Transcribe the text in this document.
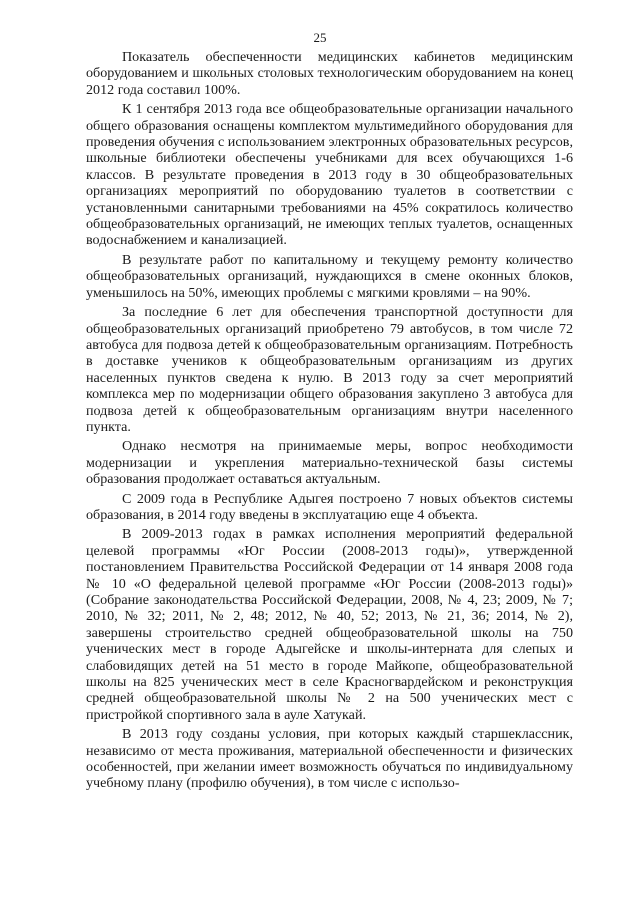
25

Показатель обеспеченности медицинских кабинетов медицинским оборудованием и школьных столовых технологическим оборудованием на конец 2012 года составил 100%.

К 1 сентября 2013 года все общеобразовательные организации начального общего образования оснащены комплектом мультимедийного оборудования для проведения обучения с использованием электронных образовательных ресурсов, школьные библиотеки обеспечены учебниками для всех обучающихся 1-6 классов. В результате проведения в 2013 году в 30 общеобразовательных организациях мероприятий по оборудованию туалетов в соответствии с установленными санитарными требованиями на 45% сократилось количество общеобразовательных организаций, не имеющих теплых туалетов, оснащенных водоснабжением и канализацией.

В результате работ по капитальному и текущему ремонту количество общеобразовательных организаций, нуждающихся в смене оконных блоков, уменьшилось на 50%, имеющих проблемы с мягкими кровлями – на 90%.

За последние 6 лет для обеспечения транспортной доступности для общеобразовательных организаций приобретено 79 автобусов, в том числе 72 автобуса для подвоза детей к общеобразовательным организациям. Потребность в доставке учеников к общеобразовательным организациям из других населенных пунктов сведена к нулю. В 2013 году за счет мероприятий комплекса мер по модернизации общего образования закуплено 3 автобуса для подвоза детей к общеобразовательным организациям внутри населенного пункта.

Однако несмотря на принимаемые меры, вопрос необходимости модернизации и укрепления материально-технической базы системы образования продолжает оставаться актуальным.

С 2009 года в Республике Адыгея построено 7 новых объектов системы образования, в 2014 году введены в эксплуатацию еще 4 объекта.

В 2009-2013 годах в рамках исполнения мероприятий федеральной целевой программы «Юг России (2008-2013 годы)», утвержденной постановлением Правительства Российской Федерации от 14 января 2008 года № 10 «О федеральной целевой программе «Юг России (2008-2013 годы)» (Собрание законодательства Российской Федерации, 2008, № 4, 23; 2009, № 7; 2010, № 32; 2011, № 2, 48; 2012, № 40, 52; 2013, № 21, 36; 2014, № 2), завершены строительство средней общеобразовательной школы на 750 ученических мест в городе Адыгейске и школы-интерната для слепых и слабовидящих детей на 51 место в городе Майкопе, общеобразовательной школы на 825 ученических мест в селе Красногвардейском и реконструкция средней общеобразовательной школы № 2 на 500 ученических мест с пристройкой спортивного зала в ауле Хатукай.

В 2013 году созданы условия, при которых каждый старшеклассник, независимо от места проживания, материальной обеспеченности и физических особенностей, при желании имеет возможность обучаться по индивидуальному учебному плану (профилю обучения), в том числе с использо-
